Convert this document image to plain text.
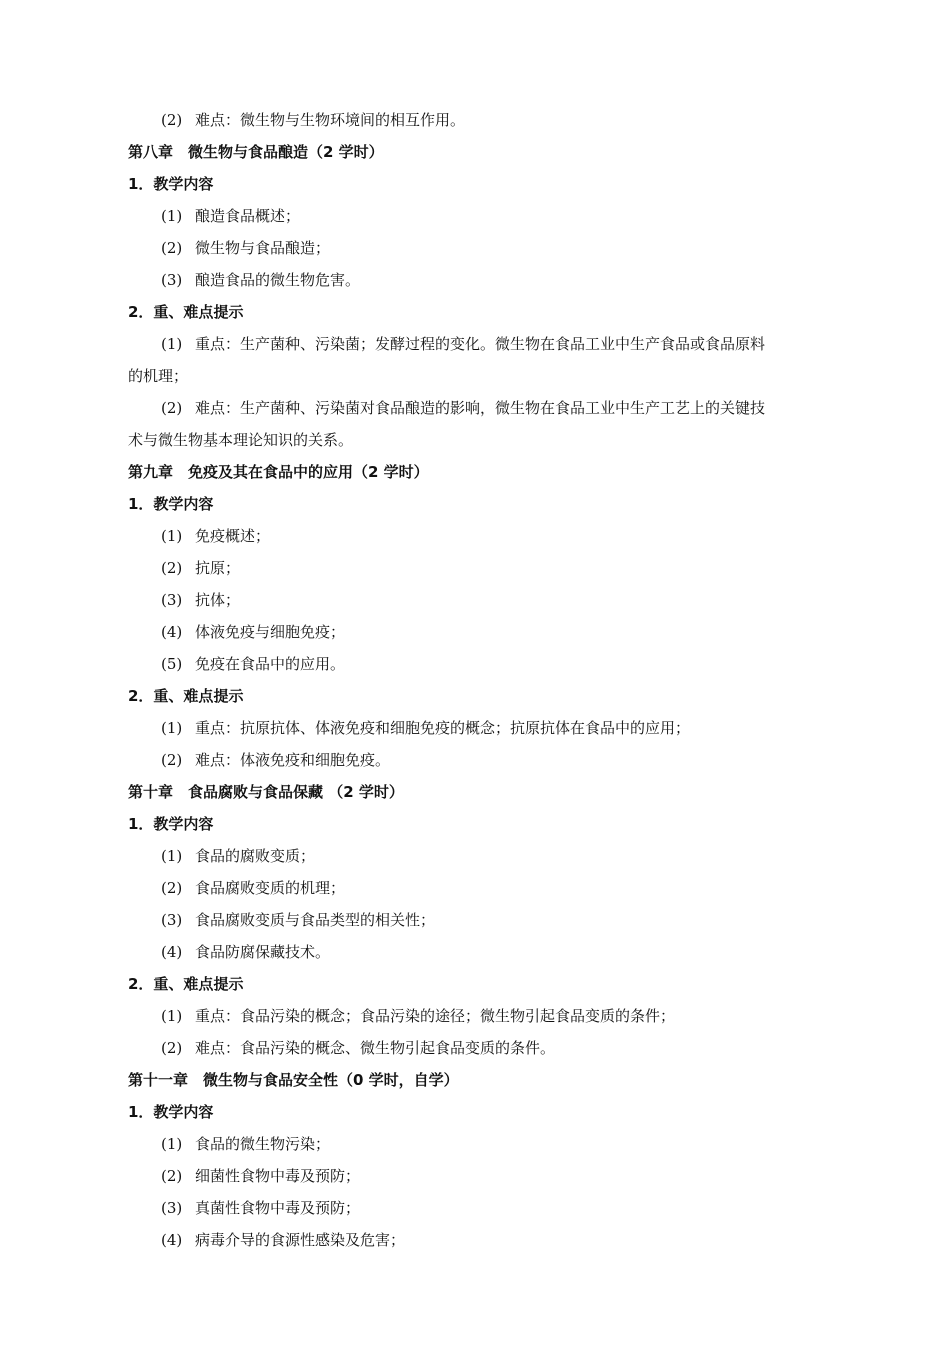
(2) 难点：微生物与生物环境间的相互作用。
第八章　微生物与食品酿造（2 学时）
1．教学内容
(1) 酿造食品概述；
(2) 微生物与食品酿造；
(3) 酿造食品的微生物危害。
2．重、难点提示
(1) 重点：生产菌种、污染菌；发酵过程的变化。微生物在食品工业中生产食品或食品原料
的机理；
(2) 难点：生产菌种、污染菌对食品酿造的影响，微生物在食品工业中生产工艺上的关键技
术与微生物基本理论知识的关系。
第九章　免疫及其在食品中的应用（2 学时）
1．教学内容
(1) 免疫概述；
(2) 抗原；
(3) 抗体；
(4) 体液免疫与细胞免疫；
(5) 免疫在食品中的应用。
2．重、难点提示
(1) 重点：抗原抗体、体液免疫和细胞免疫的概念；抗原抗体在食品中的应用；
(2) 难点：体液免疫和细胞免疫。
第十章　食品腐败与食品保藏 （2 学时）
1．教学内容
(1) 食品的腐败变质；
(2) 食品腐败变质的机理；
(3) 食品腐败变质与食品类型的相关性；
(4) 食品防腐保藏技术。
2．重、难点提示
(1) 重点：食品污染的概念；食品污染的途径；微生物引起食品变质的条件；
(2) 难点：食品污染的概念、微生物引起食品变质的条件。
第十一章　微生物与食品安全性（0 学时，自学）
1．教学内容
(1) 食品的微生物污染；
(2) 细菌性食物中毒及预防；
(3) 真菌性食物中毒及预防；
(4) 病毒介导的食源性感染及危害；
